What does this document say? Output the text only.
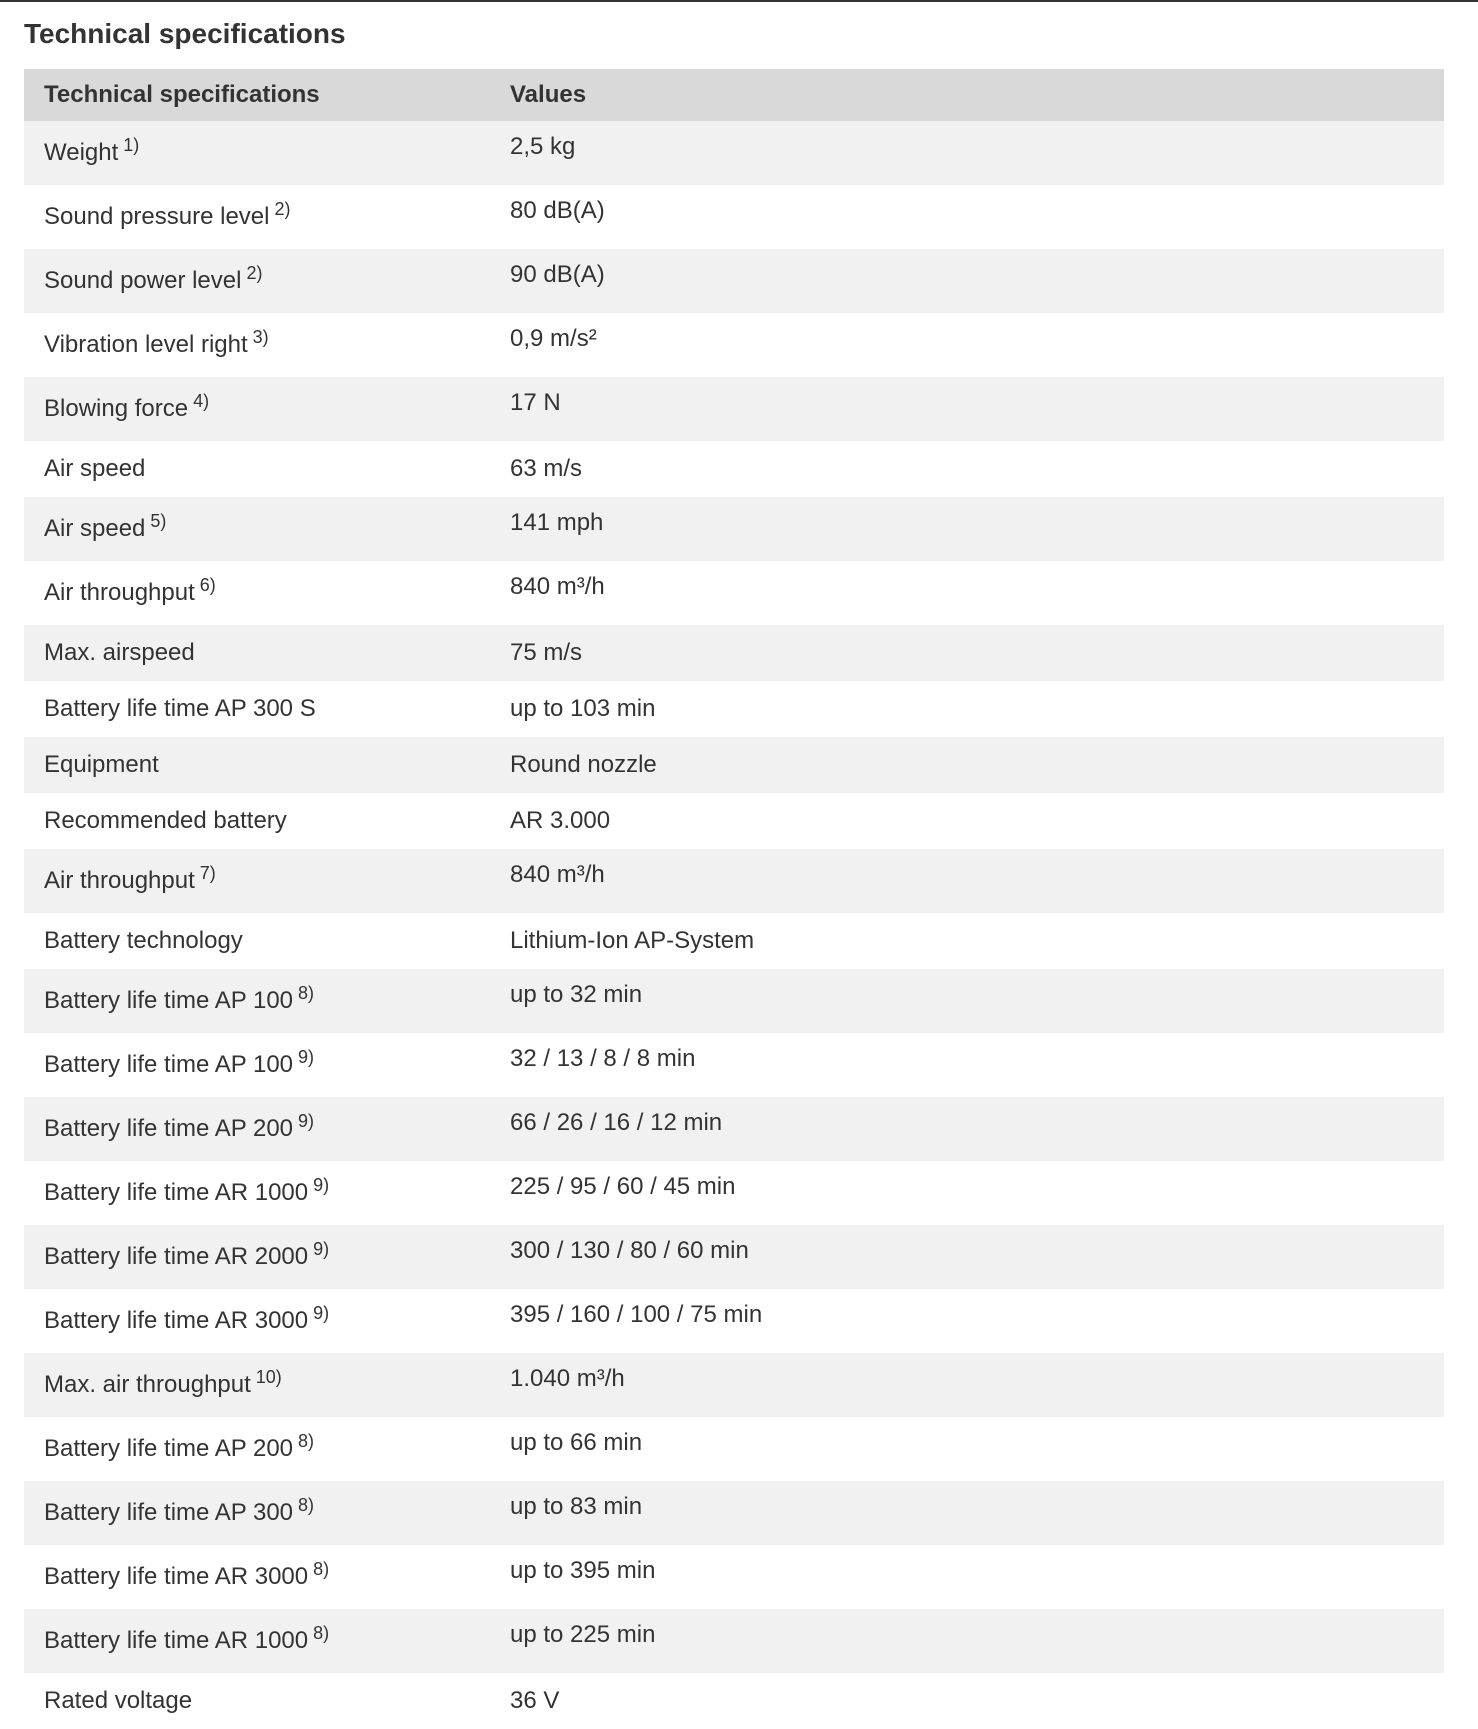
Technical specifications
Technical specifications	Values
Weight $^{1)}$	2,5 kg
Sound pressure level $^{2)}$	80 dB(A)
Sound power level $^{2)}$	90 dB(A)
Vibration level right $^{3)}$	0,9 m/s²
Blowing force $^{4)}$	17 N
Air speed	63 m/s
Air speed $^{5)}$	141 mph
Air throughput $^{6)}$	840 m³/h
Max. airspeed	75 m/s
Battery life time AP 300 S	up to 103 min
Equipment	Round nozzle
Recommended battery	AR 3.000
Air throughput $^{7)}$	840 m³/h
Battery technology	Lithium-Ion AP-System
Battery life time AP 100 $^{8)}$	up to 32 min
Battery life time AP 100 $^{9)}$	32 / 13 / 8 / 8 min
Battery life time AP 200 $^{9)}$	66 / 26 / 16 / 12 min
Battery life time AR 1000 $^{9)}$	225 / 95 / 60 / 45 min
Battery life time AR 2000 $^{9)}$	300 / 130 / 80 / 60 min
Battery life time AR 3000 $^{9)}$	395 / 160 / 100 / 75 min
Max. air throughput $^{10)}$	1.040 m³/h
Battery life time AP 200 $^{8)}$	up to 66 min
Battery life time AP 300 $^{8)}$	up to 83 min
Battery life time AR 3000 $^{8)}$	up to 395 min
Battery life time AR 1000 $^{8)}$	up to 225 min
Rated voltage	36 V
